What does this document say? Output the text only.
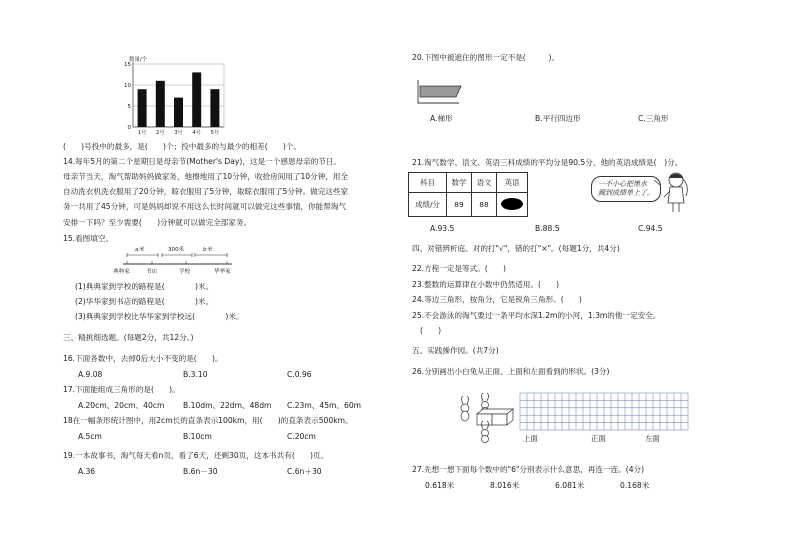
数量/个
15
10
5
0
1号 2号 3号 4号 5号
(　　)号投中的最多，是(　　)个；投中最多的与最少的相差(　　)个。
14.每年5月的第二个星期日是母亲节(Mother's Day)，这是一个感恩母亲的节日。
母亲节当天，淘气帮助妈妈做家务，他擦地用了10分钟，收拾房间用了10分钟，用全
自动洗衣机洗衣服用了20分钟，晾衣服用了5分钟，取晾衣服用了5分钟。做完这些家
务一共用了45分钟，可是妈妈却说不用这么长时间就可以做完这些事情，你能帮淘气
安排一下吗？至少需要(　　)分钟就可以做完全部家务。
15.看图填空。
a米	300米	b米
典典家	书店	学校	华华家
(1)典典家到学校的路程是(　　　　)米。
(2)华华家到书店的路程是(　　　　)米。
(3)典典家到学校比华华家到学校远(　　　　)米。
三、精挑细选题。(每题2分，共12分。)
16.下面各数中，去掉0后大小不变的是(　　)。
A.9.08	B.3.10	C.0.96
17.下面能组成三角形的是(　　)。
A.20cm、20cm、40cm B.10dm、22dm、48dm C.23m、45m、60m
18在一幅条形统计图中，用2cm长的直条表示100km，用(　　)的直条表示500km。
A.5cm	B.10cm	C.20cm
19.一本故事书，淘气每天看n页，看了6天，还剩30页，这本书共有(　　)页。
A.36	B.6n－30	C.6n＋30
20.下图中被遮住的图形一定不是(　　　)。
A.梯形	B.平行四边形	C.三角形
21.淘气数学、语文、英语三科成绩的平均分是90.5分，他的英语成绩是(　)分。
科目	数学	语文	英语
成绩/分	89	88	
一不小心把墨水
溅到成绩单上了。
A.93.5	B.88.5	C.94.5
四、对错辨析庭。对的打"√"，错的打"×"。(每题1分，共4分)
22.方程一定是等式。(　　)
23.整数的运算律在小数中仍然适用。(　　)
24.等边三角形，按角分，它是锐角三角形。(　　)
25.不会游泳的淘气要过一条平均水深1.2m的小河，1.3m的他一定安全。
(　　)
五、实践操作园。(共7分)
26.分别画出小白兔从正面、上面和左面看到的形状。(3分)
上面	正面	左面
27.先想一想下面每个数中的"6"分别表示什么意思，再连一连。(4分)
0.618米	8.016米	6.081米	0.168米
